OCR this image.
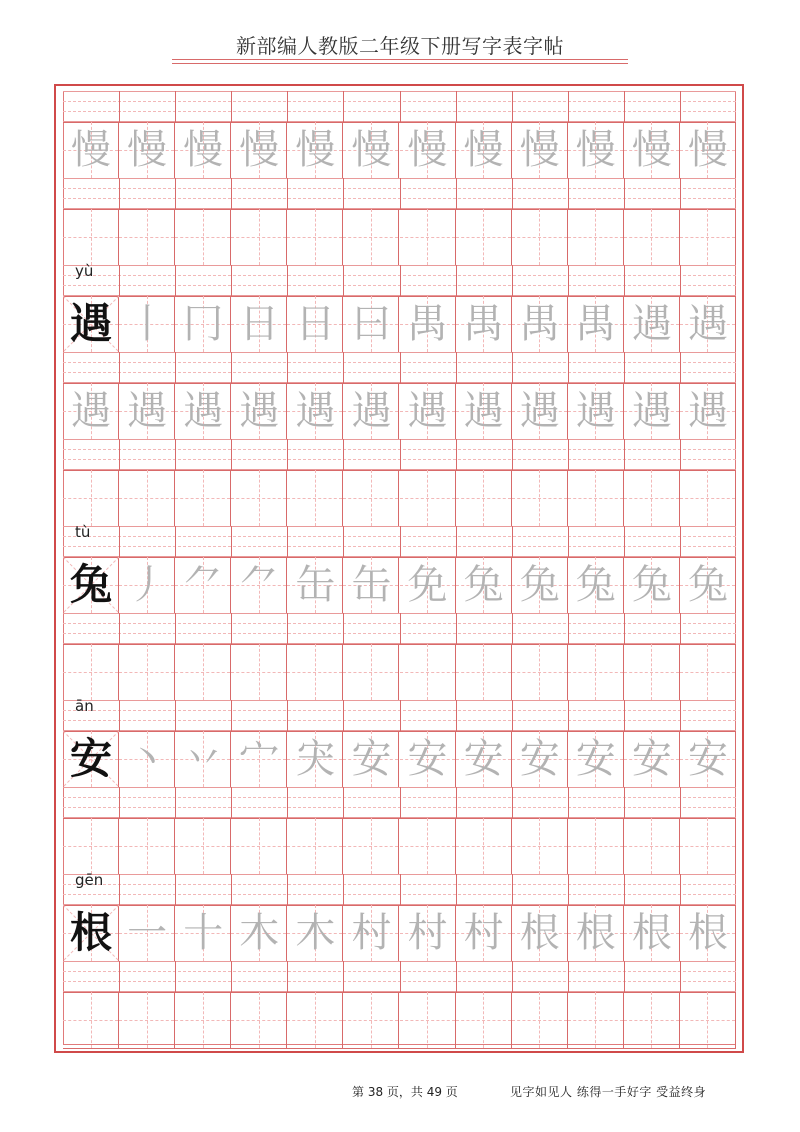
新部编人教版二年级下册写字表字帖
慢 慢 慢 慢 慢 慢 慢 慢 慢 慢 慢 慢
yù
遇 丨 冂 日 日 曰 禺 禺 禺 禺 遇 遇
遇 遇 遇 遇 遇 遇 遇 遇 遇 遇 遇 遇
tù
兔 丿 ⺈ ⺈ 缶 缶 免 兔 兔 兔 兔 兔
ān
安 丶 丷 宀 宊 安 安 安 安 安 安 安
gēn
根 一 十 木 木 村 村 村 根 根 根 根
第 38 页，共 49 页	见字如见人 练得一手好字 受益终身
